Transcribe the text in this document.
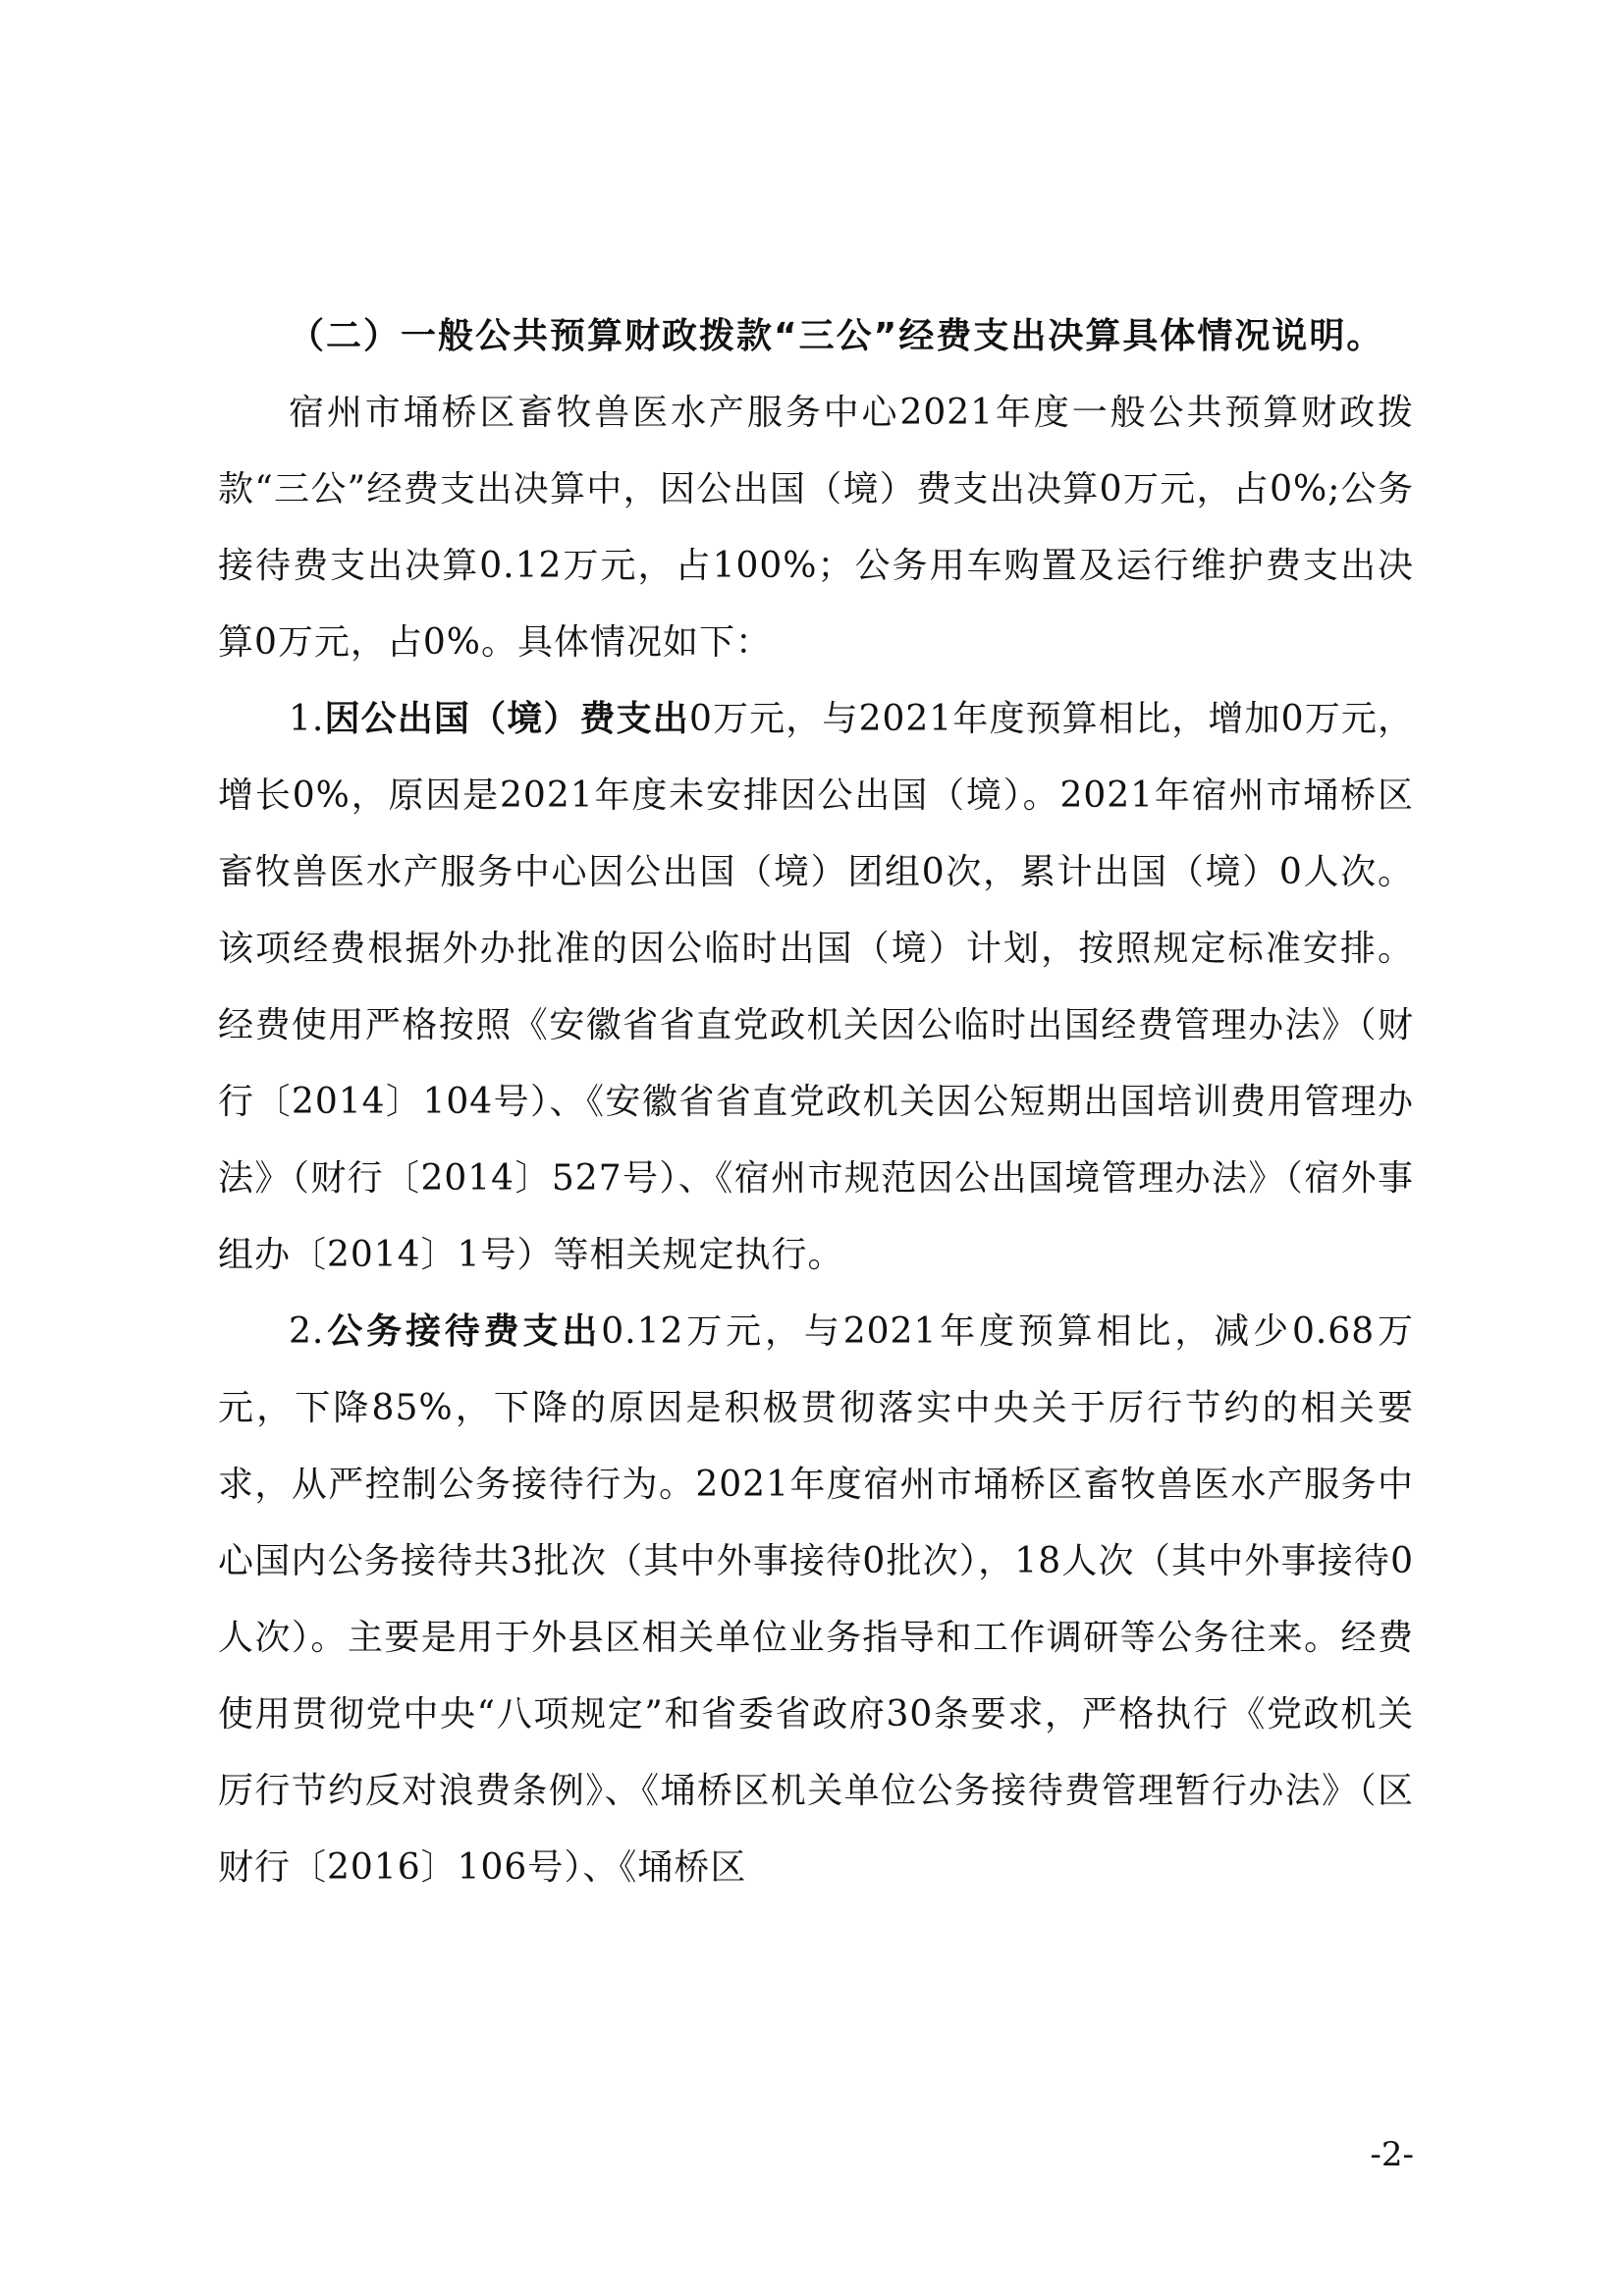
（二）一般公共预算财政拨款“三公”经费支出决算具体情况说明。

宿州市埇桥区畜牧兽医水产服务中心2021年度一般公共预算财政拨款“三公”经费支出决算中，因公出国（境）费支出决算0万元，占0%;公务接待费支出决算0.12万元，占100%；公务用车购置及运行维护费支出决算0万元，占0%。具体情况如下：

1.因公出国（境）费支出0万元，与2021年度预算相比，增加0万元，增长0%，原因是2021年度未安排因公出国（境）。2021年宿州市埇桥区畜牧兽医水产服务中心因公出国（境）团组0次，累计出国（境）0人次。该项经费根据外办批准的因公临时出国（境）计划，按照规定标准安排。经费使用严格按照《安徽省省直党政机关因公临时出国经费管理办法》（财行〔2014〕104号）、《安徽省省直党政机关因公短期出国培训费用管理办法》（财行〔2014〕527号）、《宿州市规范因公出国境管理办法》（宿外事组办〔2014〕1号）等相关规定执行。

2.公务接待费支出0.12万元，与2021年度预算相比，减少0.68万元，下降85%，下降的原因是积极贯彻落实中央关于厉行节约的相关要求，从严控制公务接待行为。2021年度宿州市埇桥区畜牧兽医水产服务中心国内公务接待共3批次（其中外事接待0批次），18人次（其中外事接待0人次）。主要是用于外县区相关单位业务指导和工作调研等公务往来。经费使用贯彻党中央“八项规定”和省委省政府30条要求，严格执行《党政机关厉行节约反对浪费条例》、《埇桥区机关单位公务接待费管理暂行办法》（区财行〔2016〕106号）、《埇桥区

-2-
